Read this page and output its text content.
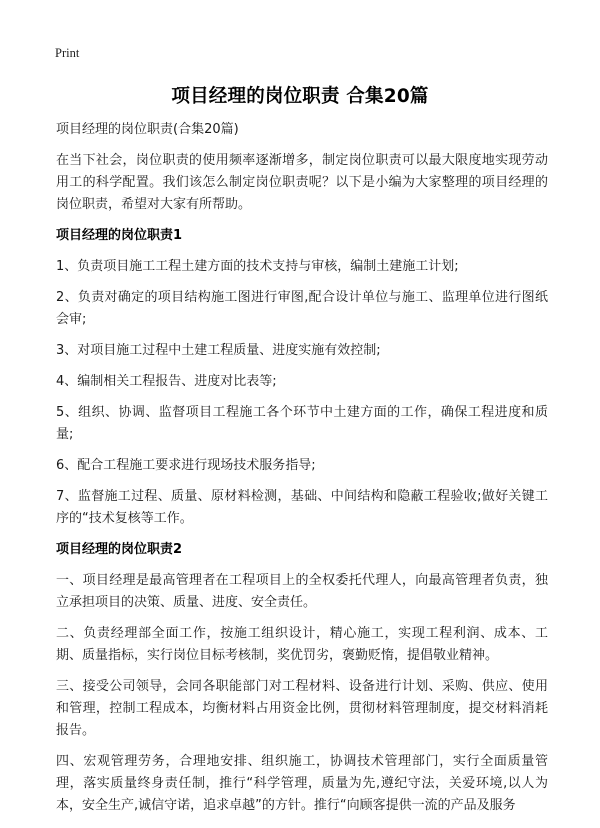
Print
项目经理的岗位职责 合集20篇

项目经理的岗位职责(合集20篇)

在当下社会，岗位职责的使用频率逐渐增多，制定岗位职责可以最大限度地实现劳动用工的科学配置。我们该怎么制定岗位职责呢？以下是小编为大家整理的项目经理的岗位职责，希望对大家有所帮助。

项目经理的岗位职责1

1、负责项目施工工程土建方面的技术支持与审核，编制土建施工计划;

2、负责对确定的项目结构施工图进行审图,配合设计单位与施工、监理单位进行图纸会审;

3、对项目施工过程中土建工程质量、进度实施有效控制;

4、编制相关工程报告、进度对比表等;

5、组织、协调、监督项目工程施工各个环节中土建方面的工作，确保工程进度和质量;

6、配合工程施工要求进行现场技术服务指导;

7、监督施工过程、质量、原材料检测，基础、中间结构和隐蔽工程验收;做好关键工序的“技术复核等工作。

项目经理的岗位职责2

一、项目经理是最高管理者在工程项目上的全权委托代理人，向最高管理者负责，独立承担项目的决策、质量、进度、安全责任。

二、负责经理部全面工作，按施工组织设计，精心施工，实现工程利润、成本、工期、质量指标，实行岗位目标考核制，奖优罚劣，褒勤贬惰，提倡敬业精神。

三、接受公司领导，会同各职能部门对工程材料、设备进行计划、采购、供应、使用和管理，控制工程成本，均衡材料占用资金比例，贯彻材料管理制度，提交材料消耗报告。

四、宏观管理劳务，合理地安排、组织施工，协调技术管理部门，实行全面质量管理，落实质量终身责任制，推行“科学管理，质量为先,遵纪守法，关爱环境,以人为本，安全生产,诚信守诺，追求卓越”的方针。推行“向顾客提供一流的产品及服务
